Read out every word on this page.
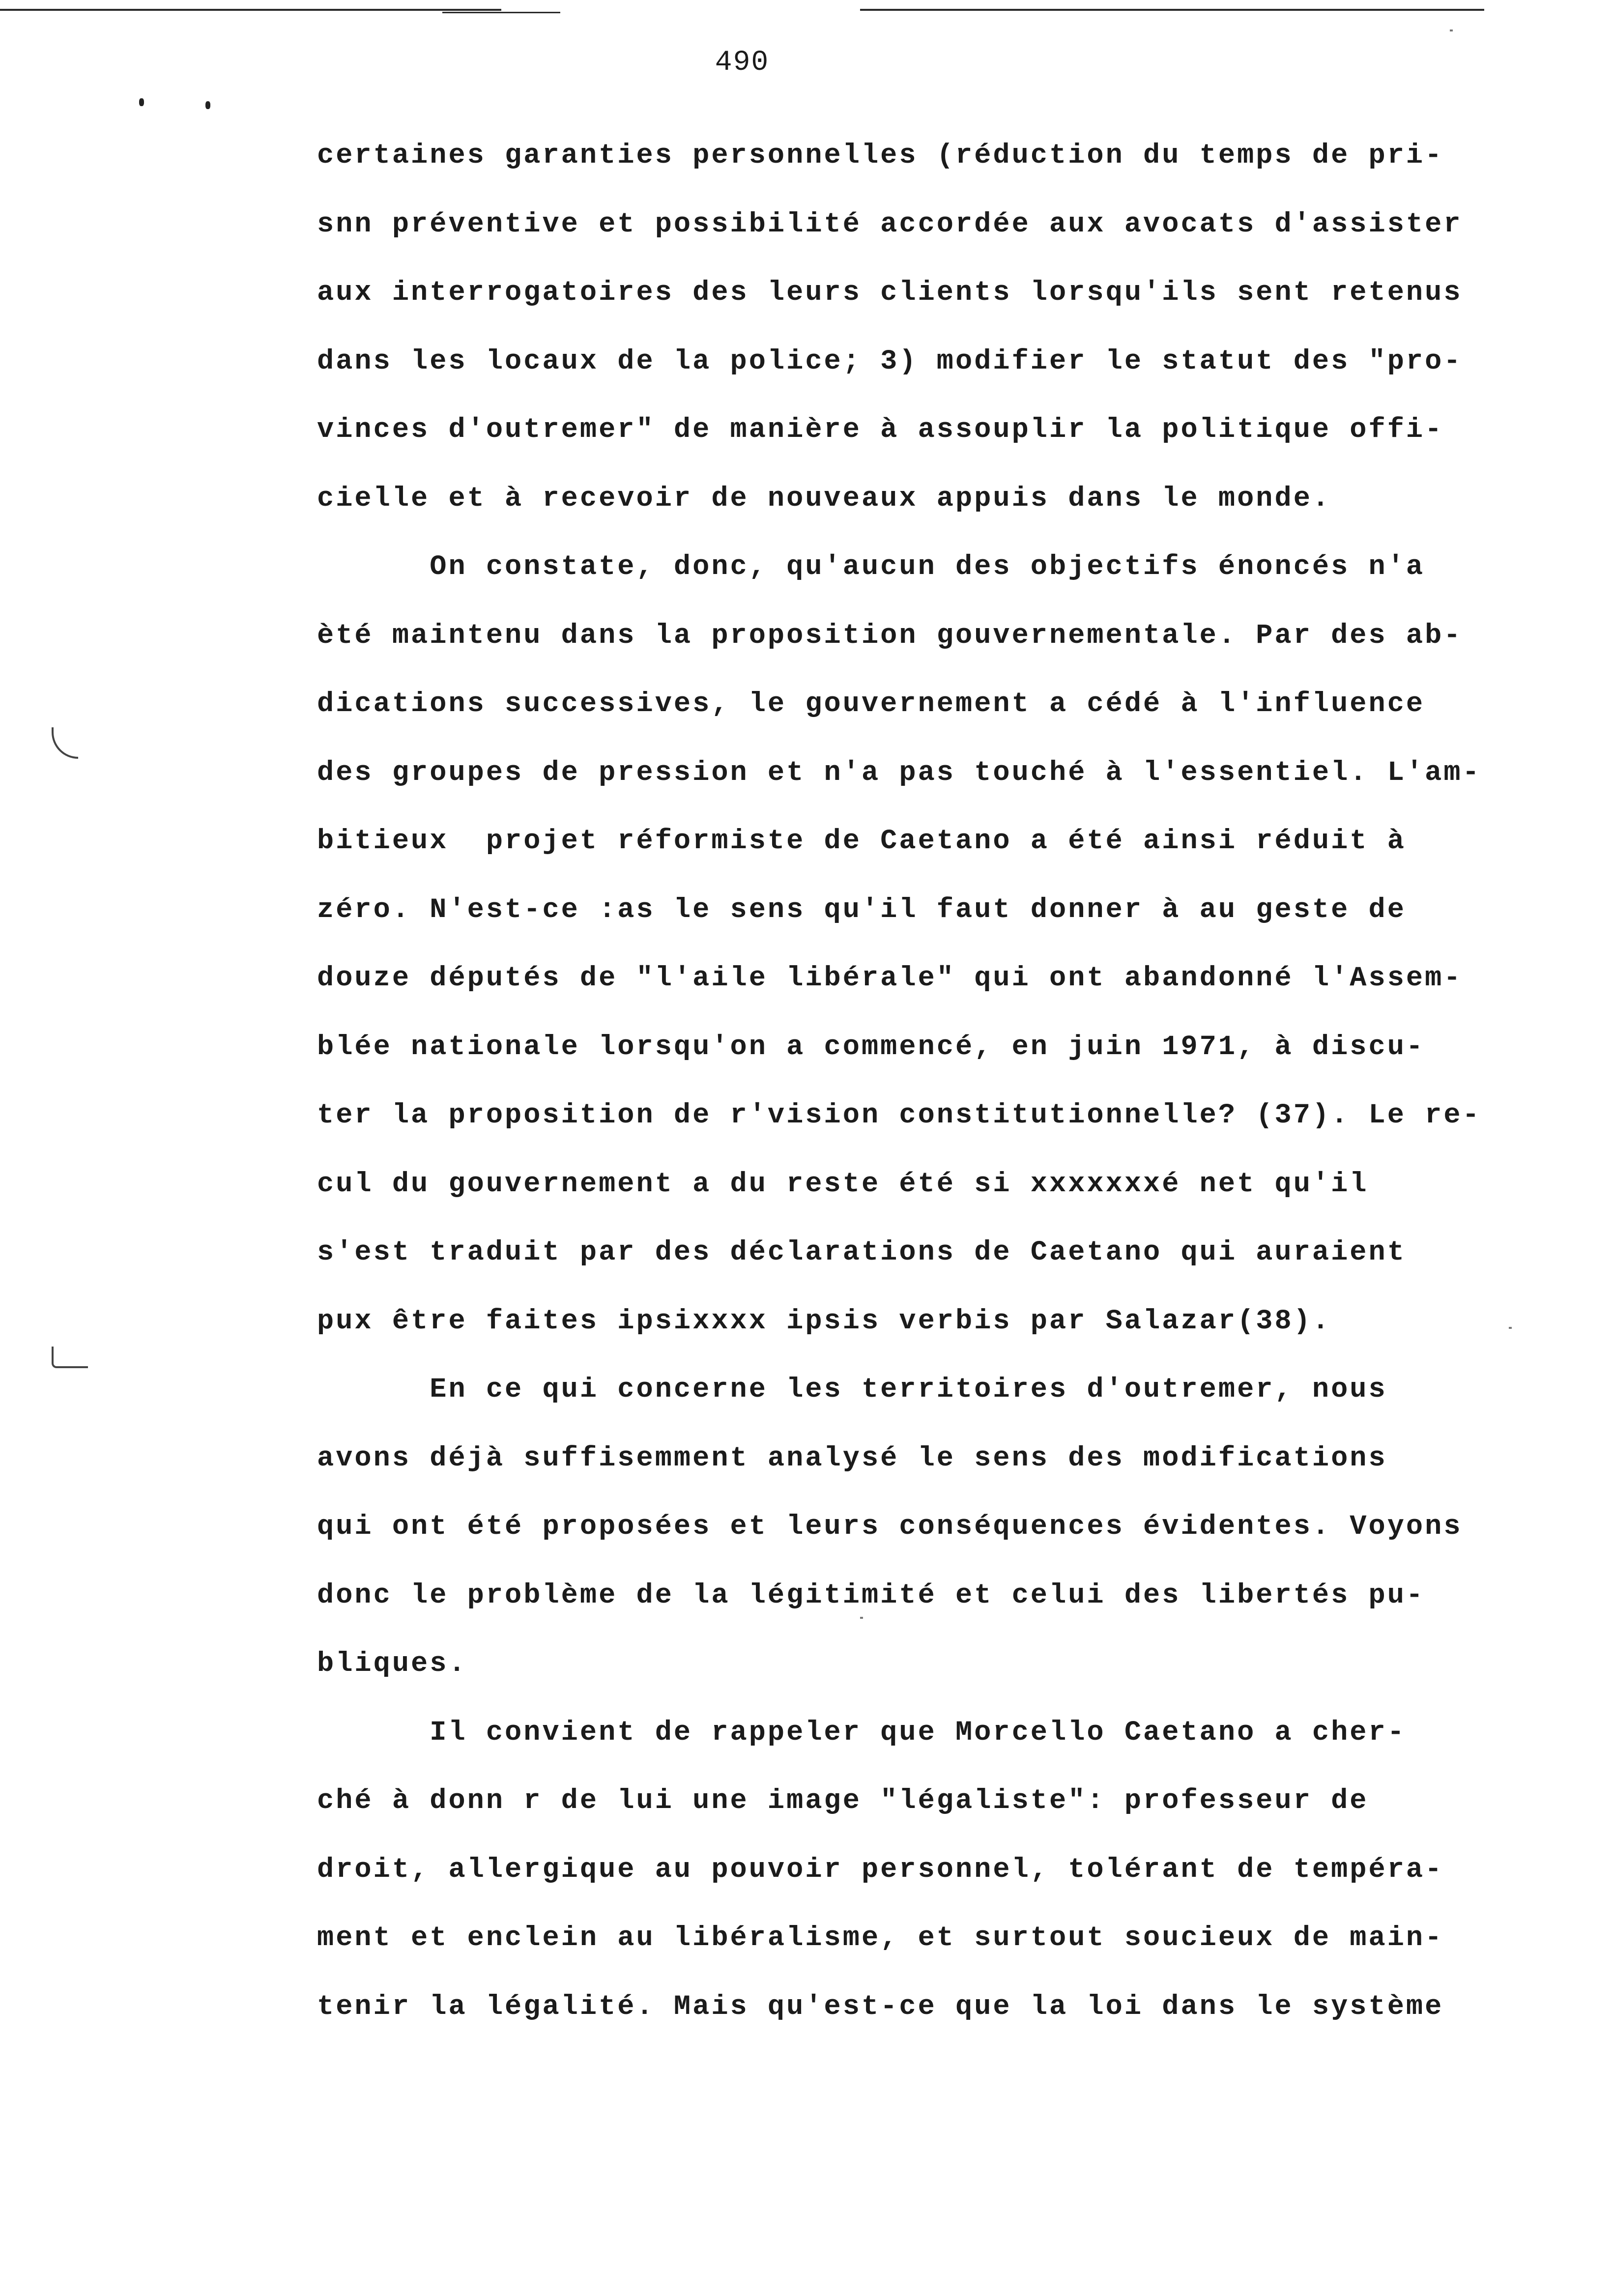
490
certaines garanties personnelles (réduction du temps de pri-
snn préventive et possibilité accordée aux avocats d'assister
aux interrogatoires des leurs clients lorsqu'ils sent retenus
dans les locaux de la police; 3) modifier le statut des "pro-
vinces d'outremer" de manière à assouplir la politique offi-
cielle et à recevoir de nouveaux appuis dans le monde.
On constate, donc, qu'aucun des objectifs énoncés n'a
èté maintenu dans la proposition gouvernementale. Par des ab-
dications successives, le gouvernement a cédé à l'influence
des groupes de pression et n'a pas touché à l'essentiel. L'am-
bitieux  projet réformiste de Caetano a été ainsi réduit à
zéro. N'est-ce :as le sens qu'il faut donner à au geste de
douze députés de "l'aile libérale" qui ont abandonné l'Assem-
blée nationale lorsqu'on a commencé, en juin 1971, à discu-
ter la proposition de r'vision constitutionnelle? (37). Le re-
cul du gouvernement a du reste été si xxxxxxxé net qu'il
s'est traduit par des déclarations de Caetano qui auraient
pux être faites ipsixxxx ipsis verbis par Salazar(38).
En ce qui concerne les territoires d'outremer, nous
avons déjà suffisemment analysé le sens des modifications
qui ont été proposées et leurs conséquences évidentes. Voyons
donc le problème de la légitimité et celui des libertés pu-
bliques.
Il convient de rappeler que Morcello Caetano a cher-
ché à donn r de lui une image "légaliste": professeur de
droit, allergique au pouvoir personnel, tolérant de tempéra-
ment et enclein au libéralisme, et surtout soucieux de main-
tenir la légalité. Mais qu'est-ce que la loi dans le système
